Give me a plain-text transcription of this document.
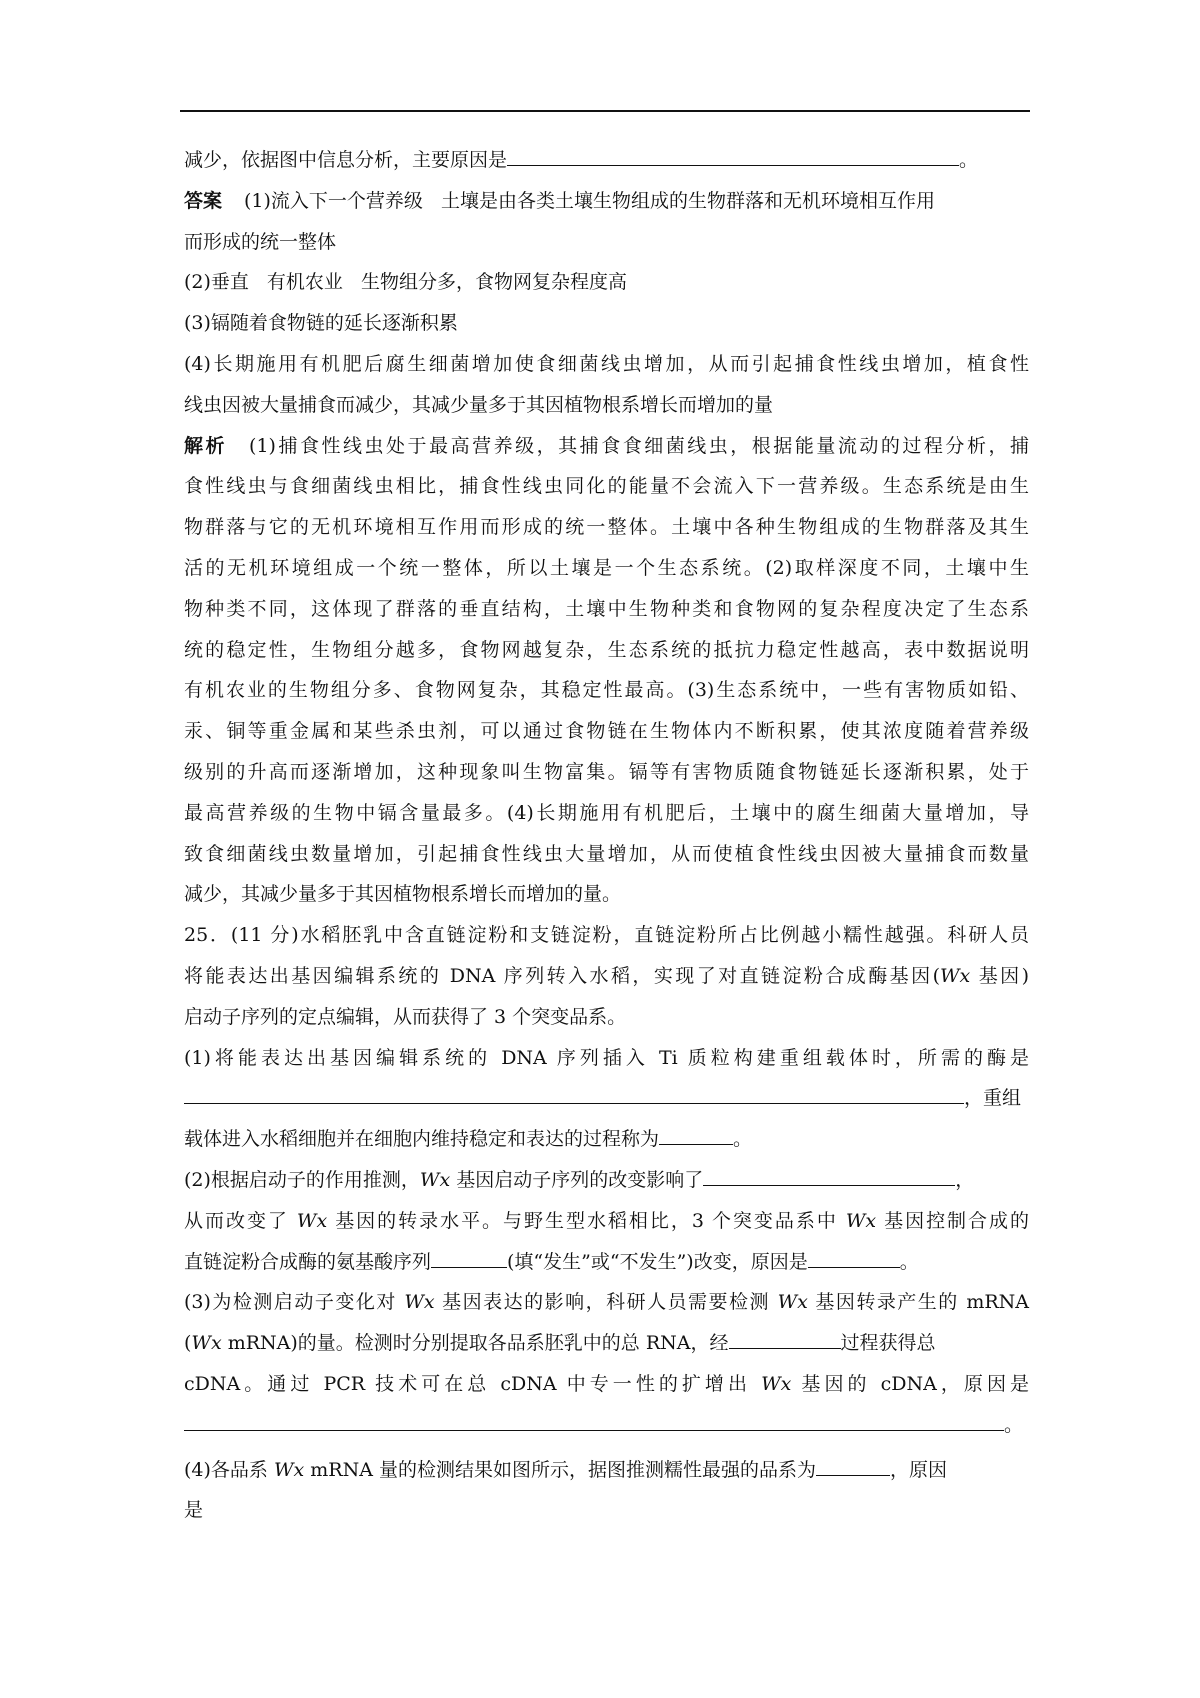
减少，依据图中信息分析，主要原因是	。
答案 (1)流入下一个营养级 土壤是由各类土壤生物组成的生物群落和无机环境相互作用
而形成的统一整体
(2)垂直 有机农业 生物组分多，食物网复杂程度高
(3)镉随着食物链的延长逐渐积累
(4)长期施用有机肥后腐生细菌增加使食细菌线虫增加，从而引起捕食性线虫增加，植食性
线虫因被大量捕食而减少，其减少量多于其因植物根系增长而增加的量
解析 (1)捕食性线虫处于最高营养级，其捕食食细菌线虫，根据能量流动的过程分析，捕
食性线虫与食细菌线虫相比，捕食性线虫同化的能量不会流入下一营养级。生态系统是由生
物群落与它的无机环境相互作用而形成的统一整体。土壤中各种生物组成的生物群落及其生
活的无机环境组成一个统一整体，所以土壤是一个生态系统。(2)取样深度不同，土壤中生
物种类不同，这体现了群落的垂直结构，土壤中生物种类和食物网的复杂程度决定了生态系
统的稳定性，生物组分越多，食物网越复杂，生态系统的抵抗力稳定性越高，表中数据说明
有机农业的生物组分多、食物网复杂，其稳定性最高。(3)生态系统中，一些有害物质如铅、
汞、铜等重金属和某些杀虫剂，可以通过食物链在生物体内不断积累，使其浓度随着营养级
级别的升高而逐渐增加，这种现象叫生物富集。镉等有害物质随食物链延长逐渐积累，处于
最高营养级的生物中镉含量最多。(4)长期施用有机肥后，土壤中的腐生细菌大量增加，导
致食细菌线虫数量增加，引起捕食性线虫大量增加，从而使植食性线虫因被大量捕食而数量
减少，其减少量多于其因植物根系增长而增加的量。
25．(11 分)水稻胚乳中含直链淀粉和支链淀粉，直链淀粉所占比例越小糯性越强。科研人员
将能表达出基因编辑系统的 DNA 序列转入水稻，实现了对直链淀粉合成酶基因(Wx 基因)
启动子序列的定点编辑，从而获得了 3 个突变品系。
(1)将能表达出基因编辑系统的 DNA 序列插入 Ti 质粒构建重组载体时，所需的酶是
，重组
载体进入水稻细胞并在细胞内维持稳定和表达的过程称为	。
(2)根据启动子的作用推测，Wx 基因启动子序列的改变影响了	，
从而改变了 Wx 基因的转录水平。与野生型水稻相比，3 个突变品系中 Wx 基因控制合成的
直链淀粉合成酶的氨基酸序列	(填“发生”或“不发生”)改变，原因是	。
(3)为检测启动子变化对 Wx 基因表达的影响，科研人员需要检测 Wx 基因转录产生的 mRNA
(Wx mRNA)的量。检测时分别提取各品系胚乳中的总 RNA，经	过程获得总
cDNA。通过 PCR 技术可在总 cDNA 中专一性的扩增出 Wx 基因的 cDNA，原因是
。
(4)各品系 Wx mRNA 量的检测结果如图所示，据图推测糯性最强的品系为	，原因
是
